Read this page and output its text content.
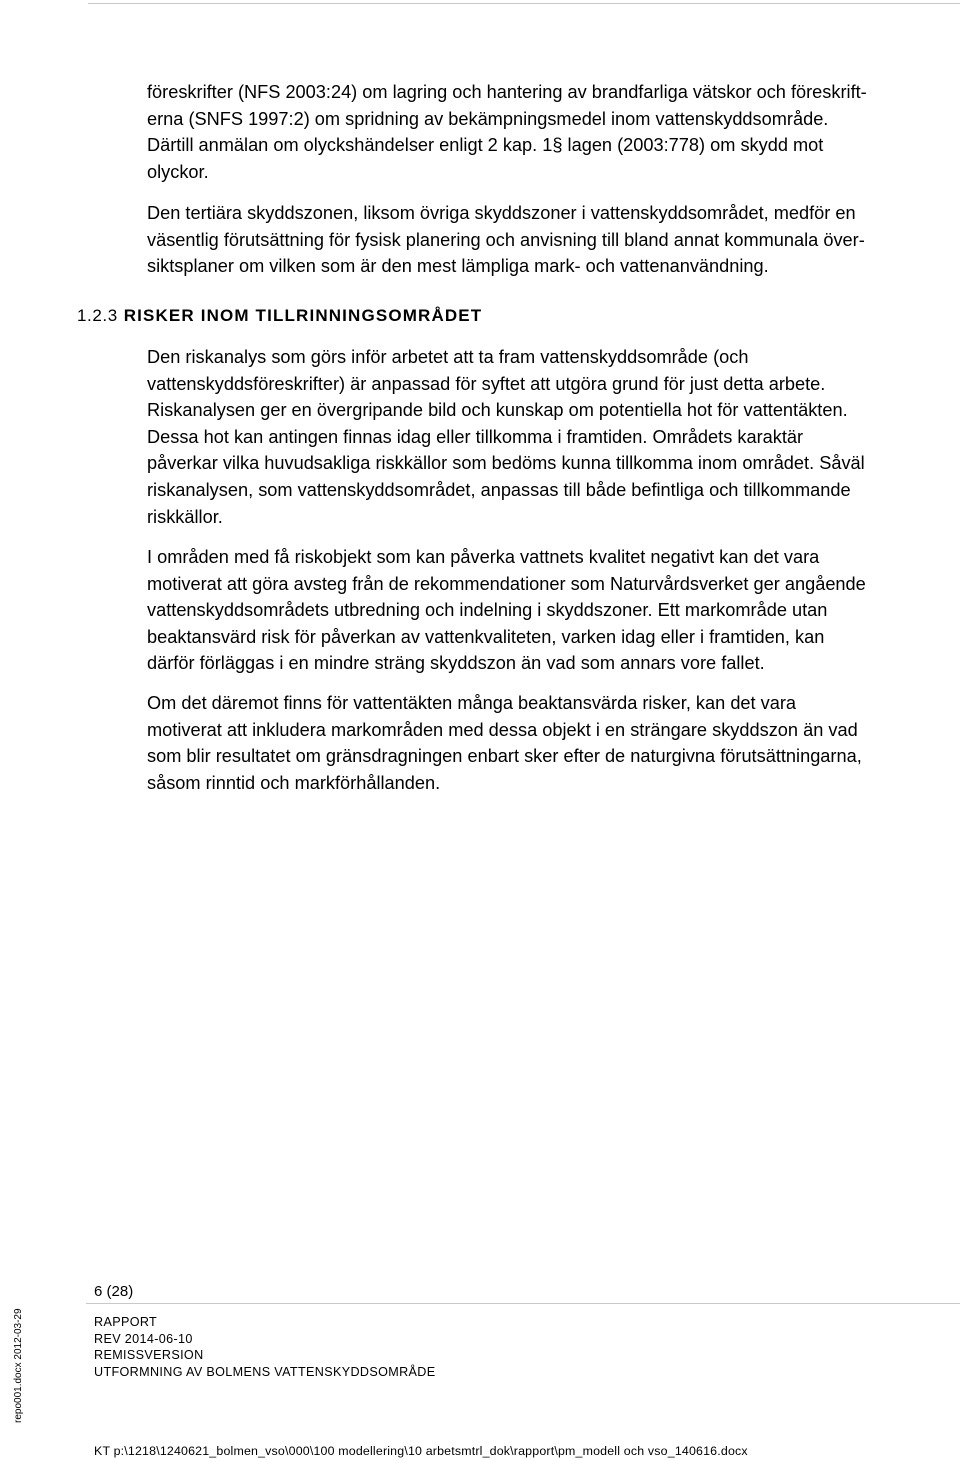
föreskrifter (NFS 2003:24) om lagring och hantering av brandfarliga vätskor och föreskrift-
erna (SNFS 1997:2) om spridning av bekämpningsmedel inom vattenskyddsområde.
Därtill anmälan om olyckshändelser enligt 2 kap. 1§ lagen (2003:778) om skydd mot
olyckor.

Den tertiära skyddszonen, liksom övriga skyddszoner i vattenskyddsområdet, medför en
väsentlig förutsättning för fysisk planering och anvisning till bland annat kommunala över-
siktsplaner om vilken som är den mest lämpliga mark- och vattenanvändning.

1.2.3 RISKER INOM TILLRINNINGSOMRÅDET

Den riskanalys som görs inför arbetet att ta fram vattenskyddsområde (och
vattenskyddsföreskrifter) är anpassad för syftet att utgöra grund för just detta arbete.
Riskanalysen ger en övergripande bild och kunskap om potentiella hot för vattentäkten.
Dessa hot kan antingen finnas idag eller tillkomma i framtiden. Områdets karaktär
påverkar vilka huvudsakliga riskkällor som bedöms kunna tillkomma inom området. Såväl
riskanalysen, som vattenskyddsområdet, anpassas till både befintliga och tillkommande
riskkällor.

I områden med få riskobjekt som kan påverka vattnets kvalitet negativt kan det vara
motiverat att göra avsteg från de rekommendationer som Naturvårdsverket ger angående
vattenskyddsområdets utbredning och indelning i skyddszoner. Ett markområde utan
beaktansvärd risk för påverkan av vattenkvaliteten, varken idag eller i framtiden, kan
därför förläggas i en mindre sträng skyddszon än vad som annars vore fallet.

Om det däremot finns för vattentäkten många beaktansvärda risker, kan det vara
motiverat att inkludera markområden med dessa objekt i en strängare skyddszon än vad
som blir resultatet om gränsdragningen enbart sker efter de naturgivna förutsättningarna,
såsom rinntid och markförhållanden.

6 (28)
RAPPORT
REV 2014-06-10
REMISSVERSION
UTFORMNING AV BOLMENS VATTENSKYDDSOMRÅDE
repo001.docx 2012-03-29
KT p:\1218\1240621_bolmen_vso\000\100 modellering\10 arbetsmtrl_dok\rapport\pm_modell och vso_140616.docx
